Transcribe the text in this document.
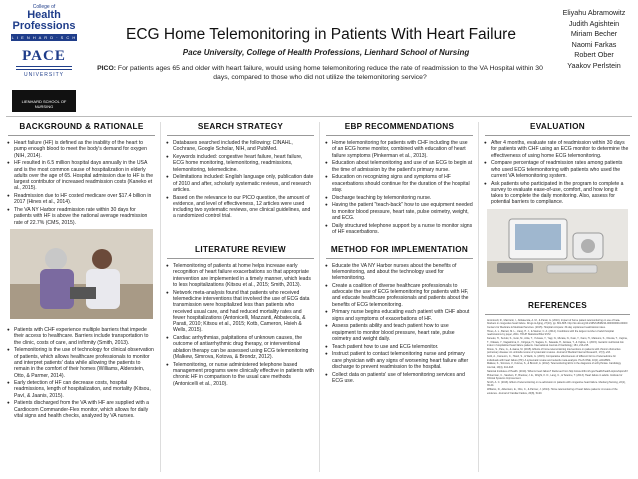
College of
Health
Professions
L I E N H A R D · S C H O O L
PACE
UNIVERSITY
LIENHARD SCHOOL OF NURSING
ECG Home Telemonitoring in Patients With Heart Failure
Pace University, College of Health Professions, Lienhard School of Nursing
PICO: For patients ages 65 and older with heart failure, would using home telemonitoring reduce the rate of readmission to the VA Hospital within 30 days, compared to those who did not utilize the telemonitoring service?
Eliyahu Abramowitz
Judith Agishtein
Miriam Becher
Naomi Farkas
Robert Ober
Yaakov Perlstein
BACKGROUND & RATIONALE
● Heart failure (HF) is defined as the inability of the heart to pump enough blood to meet the body's demand for oxygen (NIH, 2014).
● HF resulted in 6.5 million hospital days annually in the USA and is the most common cause of hospitalization in elderly adults over the age of 65. Hospital admission due to HF is the largest contributor of increased readmission costs (Kaneko et al., 2015).
● Readmission due to HF costed medicare over $17.4 billion in 2017 (Hines et al., 2014).
● The VA NY Harbor readmission rate within 30 days for patients with HF is above the national average readmission rate of 22.7% (CMS, 2015).
● Patients with CHF experience multiple barriers that impede their access to healthcare. Barriers include transportation to the clinic, costs of care, and infirmity (Smith, 2013).
● Telemonitoring is the use of technology for clinical observation of patients, which allows healthcare professionals to monitor and interpret patients' data while allowing the patients to remain in the comfort of their homes (Williams, Alderstein, Otto, & Parmer, 2014).
● Early detection of HF can decrease costs, hospital readmissions, length of hospitalization, and mortality (Kitsou, Paví, & Jaanis, 2015).
● Patients discharged from the VA with HF are supplied with a Cardiocom Commander-Flex monitor, which allows for daily vital signs and health checks, analyzed by VA nurses.
SEARCH STRATEGY
● Databases searched included the following: CINAHL, Cochrane, Google Scholar, NIH, and PubMed.
● Keywords included: congestive heart failure, heart failure, ECG home monitoring, telemonitoring, readmissions, telemonitoring, telemedicine.
● Delimitations included: English language only, publication date of 2010 and after, scholarly systematic reviews, and research articles.
● Based on the relevance to our PICO question, the amount of evidence, and level of effectiveness, 12 articles were used including two systematic reviews, one clinical guidelines, and a randomized control trial.
LITERATURE REVIEW
● Telemonitoring of patients at home helps increase early recognition of heart failure exacerbations so that appropriate intervention are implemented in a timely manner, which leads to less hospitalizations (Kitsou et al., 2015; Smith, 2013).
● Network meta-analysis found that patients who received telemedicine interventions that involved the use of ECG data transmission were hospitalized less than patients who received usual care, and had reduced mortality rates and fewer hospitalizations (Antonicelli, Mazzanti, Abbatecola, & Parati, 2010; Kitsou et al., 2015; Kotb, Cameron, Hsieh & Wells, 2015).
● Cardiac arrhythmias, palpitations of unknown causes, the outcome of antiarrhythmic drug therapy, or interventional ablation therapy can be assessed using ECG telemonitoring (Malkew, Simrova, Kotova, & Brondz, 2012).
● Telemonitoring, or nurse administered telephone based management programs were clinically effective in patients with chronic HF in comparison to the usual care methods (Antonicelli et al., 2010).
EBP RECOMMENDATIONS
● Home telemonitoring for patients with CHF including the use of an ECG home monitor, combined with education of heart failure symptoms (Pinkerman et al., 2013).
● Education about telemonitoring and use of an ECG to begin at the time of admission by the patient's primary nurse.
● Education on recognizing signs and symptoms of HF exacerbations should continue for the duration of the hospital stay.
● Discharge teaching by telemonitoring nurse.
● Having the patient "teach-back" how to use equipment needed to monitor blood pressure, heart rate, pulse oximetry, weight, and ECG.
● Daily structured telephone support by a nurse to monitor signs of HF exacerbations.
METHOD FOR IMPLEMENTATION
● Educate the VA NY Harbor nurses about the benefits of telemonitoring, and about the technology used for telemonitoring.
● Create a coalition of diverse healthcare professionals to advocate the use of ECG telemonitoring for patients with HF, and educate healthcare professionals and patients about the benefits of ECG telemonitoring.
● Primary nurse begins educating each patient with CHF about signs and symptoms of exacerbations of HF.
● Assess patients ability and teach patient how to use equipment to monitor blood pressure, heart rate, pulse oximetry and weight daily.
● Teach patient how to use and ECG telemonitor.
● Instruct patient to contact telemonitoring nurse and primary care physician with any signs of worsening heart failure after discharge to prevent readmission to the hospital.
● Collect data on patients' use of telemonitoring services and ECG use.
EVALUATION
● After 4 months, evaluate rate of readmission within 30 days for patients with CHF using an ECG monitor to determine the effectiveness of using home ECG telemonitoring.
● Compare percentage of readmission rates among patients who used ECG telemonitoring with patients who used the current VA telemonitoring system.
● Ask patients who participated in the program to complete a survey to evaluate ease-of-use, comfort, and how long it takes to complete the daily monitoring. Also, assess for potential barriers to compliance.
REFERENCES

Antonicelli, R., Mazzanti, I., Abbatecola, A. M., & Parati, G. (2010). Impact of home patient telemonitoring on use of beta-blockers in congestive heart failure. Drugs & Aging, 27(10), pp. 801-805. http://dx.doi.org/10.2165/11538210-000000000-00000

Centers for Medicare & Medicaid Services. (2015). Hospital compare: 30-day unplanned readmission rates.

Hines, A. L., Barrett, M. L., Jiang, H. J., & Steiner, C. A. (2014). Conditions with the largest number of adult hospital readmissions by payer, 2011. HCUP Statistical Brief #172.

Kaneko, H., Suzuki, S., Goto, M., Arita, T., Yuzawa, Y., Yagi, N., Murata, N., Kato, Y., Kano, H., Matsuno, S., Otsuka, T., Uejima, T., Oikawa, Y., Nagashima, K., Kirigaya, H., Sagara, K., Sawada, H., Aizawa, T., & Yajima, J. (2015). Geriatric nutritional risk index in hospitalized heart failure patients. International Journal of Cardiology, 181, 213-215.

Kitsou, S., Pare, G., & Jaana, M. (2015). Effects of home telemonitoring interventions on patients with chronic obstructive pulmonary disease: An umbrella review of systematic reviews. Journal of Medical Internet Research, 17(3), e63.

Kotb, A., Cameron, C., Hsieh, S., & Wells, G. (2015). Comparative effectiveness of different forms of telemedicine for individuals with heart failure (HF): A systematic review and network meta-analysis. PLoS ONE, 10(2), e0118681.

Malkew, K., Simrova, V., Kotova, S., & Brondz, A. (2012). Telemonitoring ECG in the diagnosis of arrhythmias. Cardiology Journal, 19(4), 412-418.

National Institutes of Health. (2014). What is heart failure? Retrieved from http://www.nhlbi.nih.gov/health/health-topics/topics/hf

Pinkerman, C., Sanders, P., Breslow, J. E., Wright, K. D., Lang, C., & Teterine, T. (2013). Heart failure in adults. Institute for Clinical Systems Improvement.

Smith, A. C. (2013). Effect of telemonitoring on re-admission in patients with congestive heart failure. Medsurg Nursing, 22(1), 39-44.

Williams, D., Alderstein, E., Otto, C., & Parmer, J. (2014). Home telemonitoring of heart failure patients: A review of the evidence. Journal of Cardiac Failure, 20(8), S120.
